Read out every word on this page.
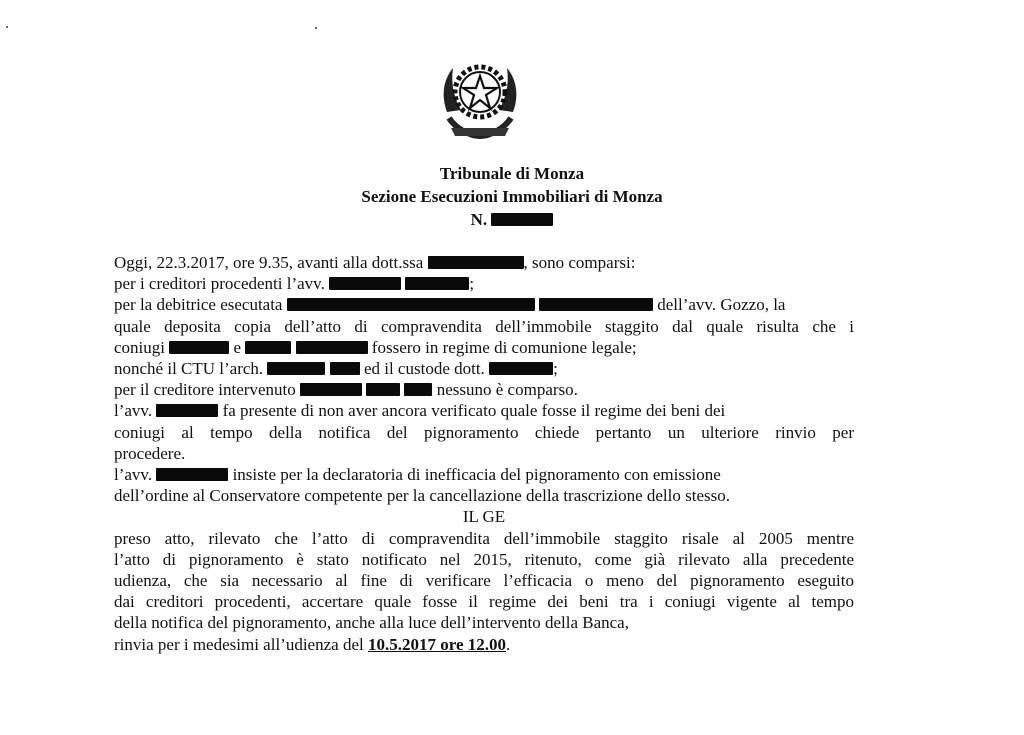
Tribunale di Monza
Sezione Esecuzioni Immobiliari di Monza
N.
Oggi, 22.3.2017, ore 9.35, avanti alla dott.ssa	, sono comparsi:
per i creditori procedenti l’avv.	;
per la debitrice esecutata	dell’avv. Gozzo, la
quale deposita copia dell’atto di compravendita dell’immobile staggito dal quale risulta che i
coniugi	e	fossero in regime di comunione legale;
nonché il CTU l’arch.	ed il custode dott.	;
per il creditore intervenuto	nessuno è comparso.
l’avv.	fa presente di non aver ancora verificato quale fosse il regime dei beni dei
coniugi al tempo della notifica del pignoramento chiede pertanto un ulteriore rinvio per
procedere.
l’avv.	insiste per la declaratoria di inefficacia del pignoramento con emissione
dell’ordine al Conservatore competente per la cancellazione della trascrizione dello stesso.
IL GE
preso atto, rilevato che l’atto di compravendita dell’immobile staggito risale al 2005 mentre
l’atto di pignoramento è stato notificato nel 2015, ritenuto, come già rilevato alla precedente
udienza, che sia necessario al fine di verificare l’efficacia o meno del pignoramento eseguito
dai creditori procedenti, accertare quale fosse il regime dei beni tra i coniugi vigente al tempo
della notifica del pignoramento, anche alla luce dell’intervento della Banca,
rinvia per i medesimi all’udienza del 10.5.2017 ore 12.00.
